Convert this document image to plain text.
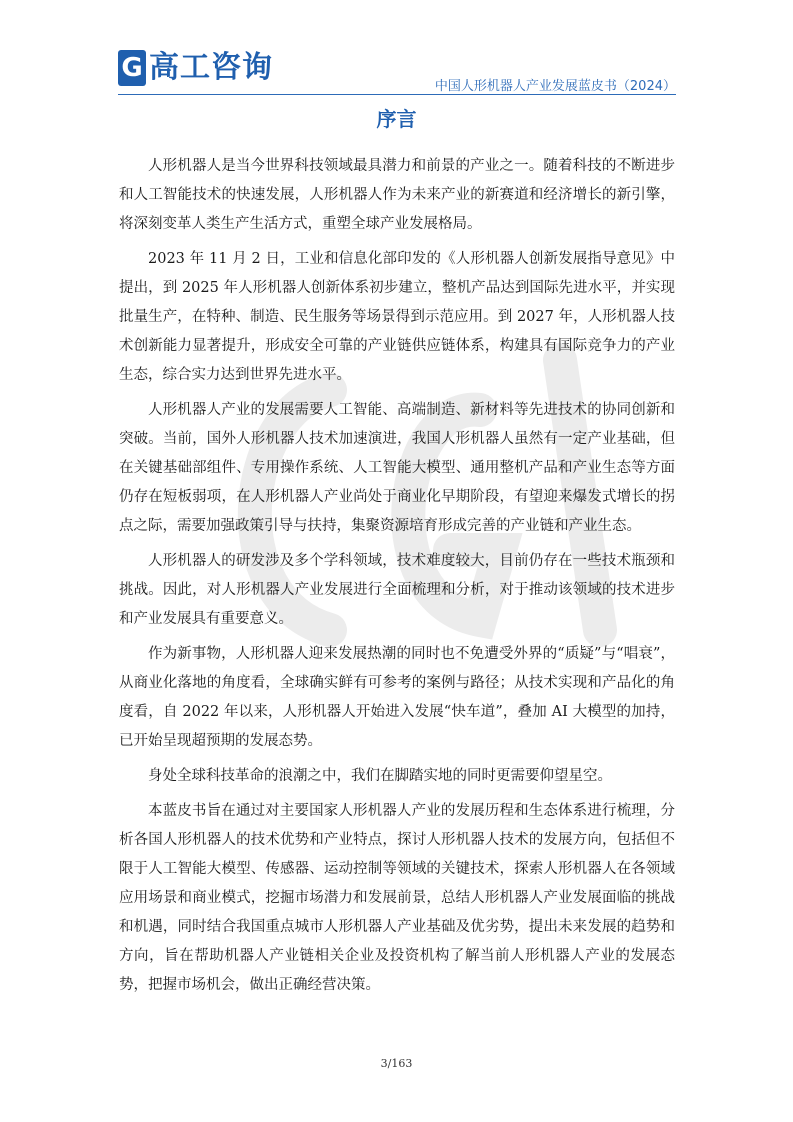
G 高工咨询
中国人形机器人产业发展蓝皮书（2024）
序言

人形机器人是当今世界科技领域最具潜力和前景的产业之一。随着科技的不断进步和人工智能技术的快速发展，人形机器人作为未来产业的新赛道和经济增长的新引擎，将深刻变革人类生产生活方式，重塑全球产业发展格局。

2023 年 11 月 2 日，工业和信息化部印发的《人形机器人创新发展指导意见》中提出，到 2025 年人形机器人创新体系初步建立，整机产品达到国际先进水平，并实现批量生产，在特种、制造、民生服务等场景得到示范应用。到 2027 年，人形机器人技术创新能力显著提升，形成安全可靠的产业链供应链体系，构建具有国际竞争力的产业生态，综合实力达到世界先进水平。

人形机器人产业的发展需要人工智能、高端制造、新材料等先进技术的协同创新和突破。当前，国外人形机器人技术加速演进，我国人形机器人虽然有一定产业基础，但在关键基础部组件、专用操作系统、人工智能大模型、通用整机产品和产业生态等方面仍存在短板弱项，在人形机器人产业尚处于商业化早期阶段，有望迎来爆发式增长的拐点之际，需要加强政策引导与扶持，集聚资源培育形成完善的产业链和产业生态。

人形机器人的研发涉及多个学科领域，技术难度较大，目前仍存在一些技术瓶颈和挑战。因此，对人形机器人产业发展进行全面梳理和分析，对于推动该领域的技术进步和产业发展具有重要意义。

作为新事物，人形机器人迎来发展热潮的同时也不免遭受外界的“质疑”与“唱衰”，从商业化落地的角度看，全球确实鲜有可参考的案例与路径；从技术实现和产品化的角度看，自 2022 年以来，人形机器人开始进入发展“快车道”，叠加 AI 大模型的加持，已开始呈现超预期的发展态势。

身处全球科技革命的浪潮之中，我们在脚踏实地的同时更需要仰望星空。

本蓝皮书旨在通过对主要国家人形机器人产业的发展历程和生态体系进行梳理，分析各国人形机器人的技术优势和产业特点，探讨人形机器人技术的发展方向，包括但不限于人工智能大模型、传感器、运动控制等领域的关键技术，探索人形机器人在各领域应用场景和商业模式，挖掘市场潜力和发展前景，总结人形机器人产业发展面临的挑战和机遇，同时结合我国重点城市人形机器人产业基础及优劣势，提出未来发展的趋势和方向，旨在帮助机器人产业链相关企业及投资机构了解当前人形机器人产业的发展态势，把握市场机会，做出正确经营决策。

3/163
